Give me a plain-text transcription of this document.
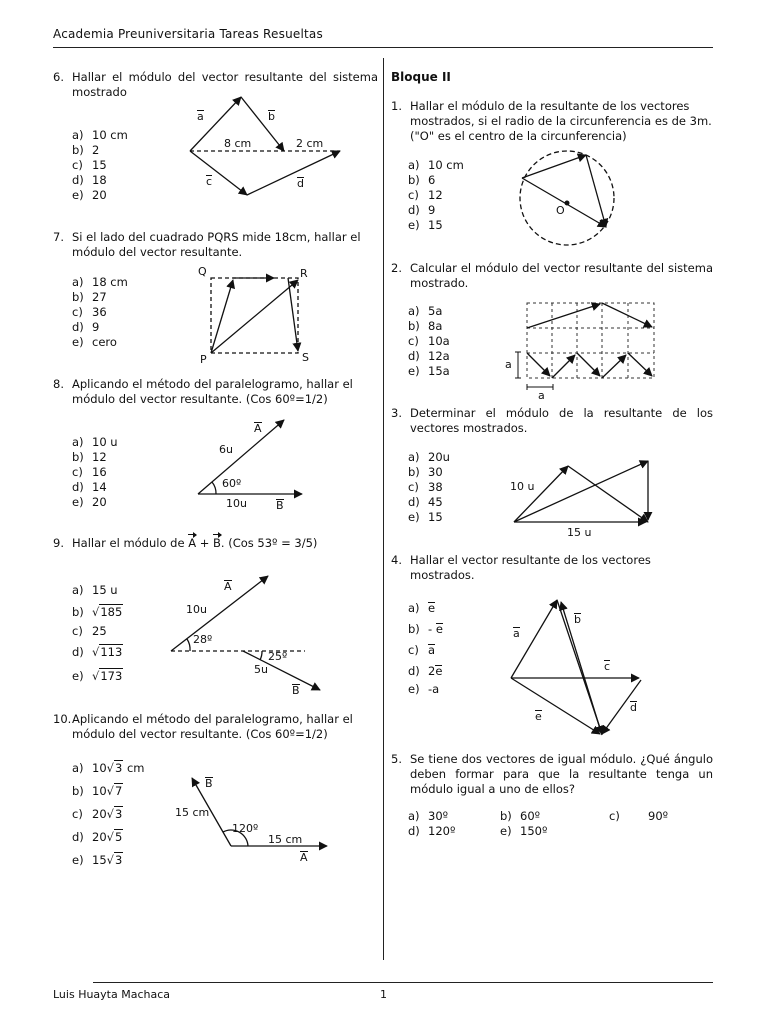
Academia Preuniversitaria Tareas Resueltas
Luis Huayta Machaca	1
6. Hallar el módulo del vector resultante del sistema mostrado
a) 10 cm
b) 2
c) 15
d) 18
e) 20
a	b
8 cm	2 cm
c	d
7. Si el lado del cuadrado PQRS mide 18cm, hallar el módulo del vector resultante.
a) 18 cm
b) 27
c) 36
d) 9
e) cero
Q	R
P	S
8. Aplicando el método del paralelogramo, hallar el módulo del vector resultante. (Cos 60º=1/2)
a) 10 u
b) 12
c) 16
d) 14
e) 20
A
6u
60º
10u	B
9. Hallar el módulo de A + B. (Cos 53º = 3/5)
a) 15 u
b) √185
c) 25
d) √113
e) √173
A
10u
28º
25º
5u
B
10. Aplicando el método del paralelogramo, hallar el módulo del vector resultante. (Cos 60º=1/2)
a) 10√3 cm
b) 10√7
c) 20√3
d) 20√5
e) 15√3
B
15 cm
120º
15 cm
A
Bloque II
1. Hallar el módulo de la resultante de los vectores mostrados, si el radio de la circunferencia es de 3m. ("O" es el centro de la circunferencia)
a) 10 cm
b) 6
c) 12
d) 9
e) 15
O
2. Calcular el módulo del vector resultante del sistema mostrado.
a) 5a
b) 8a
c) 10a
d) 12a
e) 15a	a
a
3. Determinar el módulo de la resultante de los vectores mostrados.
a) 20u
b) 30
c) 38
d) 45
e) 15
10 u
15 u
4. Hallar el vector resultante de los vectores mostrados.
a) e
b) - e
c) a
d) 2e
e) -a
a
b
c
d
e
5. Se tiene dos vectores de igual módulo. ¿Qué ángulo deben formar para que la resultante tenga un módulo igual a uno de ellos?
a) 30º	b) 60º	c) 90º
d) 120º	e) 150º
